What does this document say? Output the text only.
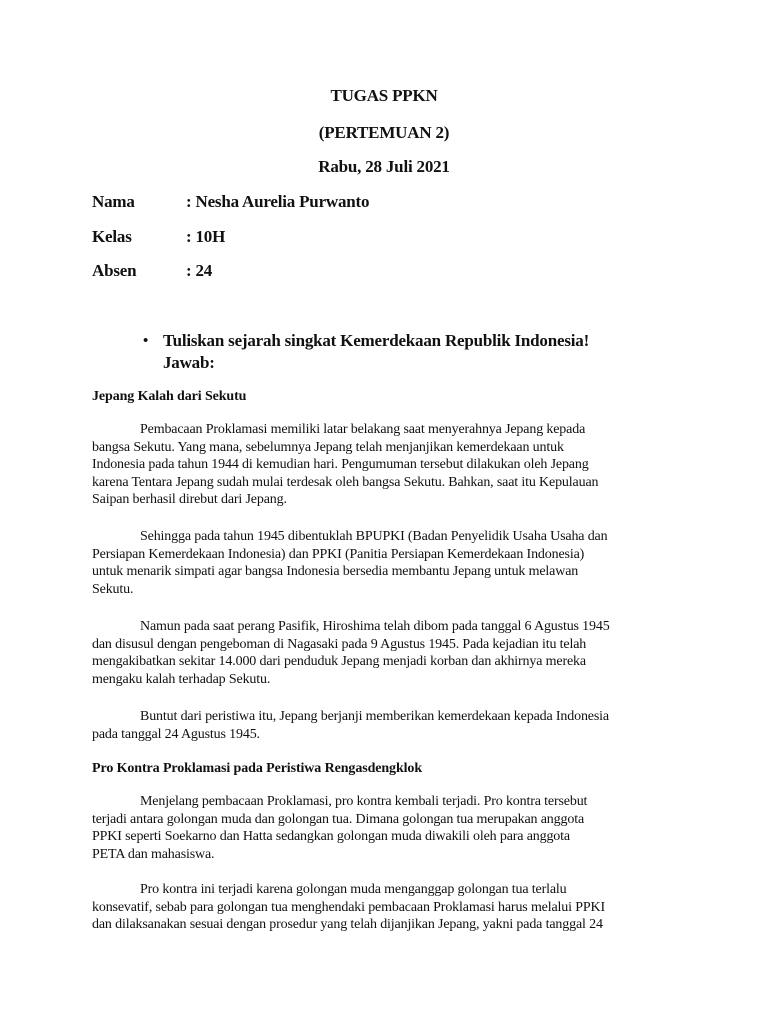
TUGAS PPKN
(PERTEMUAN 2)
Rabu, 28 Juli 2021
Nama	: Nesha Aurelia Purwanto
Kelas	: 10H
Absen	: 24
• Tuliskan sejarah singkat Kemerdekaan Republik Indonesia!
Jawab:
Jepang Kalah dari Sekutu
Pembacaan Proklamasi memiliki latar belakang saat menyerahnya Jepang kepada
bangsa Sekutu. Yang mana, sebelumnya Jepang telah menjanjikan kemerdekaan untuk
Indonesia pada tahun 1944 di kemudian hari. Pengumuman tersebut dilakukan oleh Jepang
karena Tentara Jepang sudah mulai terdesak oleh bangsa Sekutu. Bahkan, saat itu Kepulauan
Saipan berhasil direbut dari Jepang.
Sehingga pada tahun 1945 dibentuklah BPUPKI (Badan Penyelidik Usaha Usaha dan
Persiapan Kemerdekaan Indonesia) dan PPKI (Panitia Persiapan Kemerdekaan Indonesia)
untuk menarik simpati agar bangsa Indonesia bersedia membantu Jepang untuk melawan
Sekutu.
Namun pada saat perang Pasifik, Hiroshima telah dibom pada tanggal 6 Agustus 1945
dan disusul dengan pengeboman di Nagasaki pada 9 Agustus 1945. Pada kejadian itu telah
mengakibatkan sekitar 14.000 dari penduduk Jepang menjadi korban dan akhirnya mereka
mengaku kalah terhadap Sekutu.
Buntut dari peristiwa itu, Jepang berjanji memberikan kemerdekaan kepada Indonesia
pada tanggal 24 Agustus 1945.
Pro Kontra Proklamasi pada Peristiwa Rengasdengklok
Menjelang pembacaan Proklamasi, pro kontra kembali terjadi. Pro kontra tersebut
terjadi antara golongan muda dan golongan tua. Dimana golongan tua merupakan anggota
PPKI seperti Soekarno dan Hatta sedangkan golongan muda diwakili oleh para anggota
PETA dan mahasiswa.
Pro kontra ini terjadi karena golongan muda menganggap golongan tua terlalu
konsevatif, sebab para golongan tua menghendaki pembacaan Proklamasi harus melalui PPKI
dan dilaksanakan sesuai dengan prosedur yang telah dijanjikan Jepang, yakni pada tanggal 24
